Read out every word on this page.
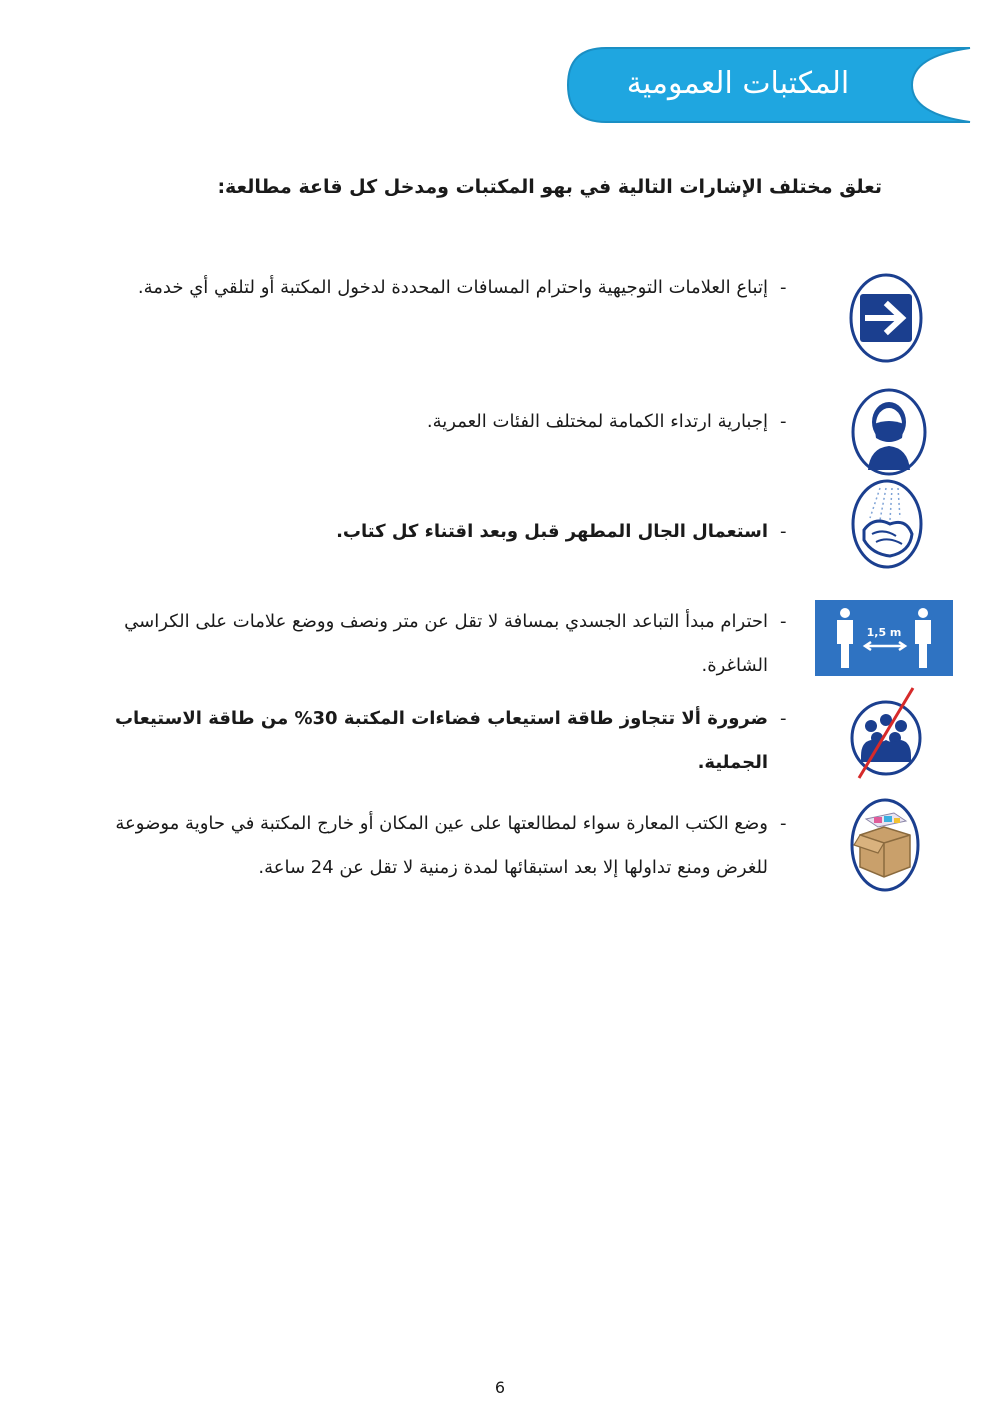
المكتبات العمومية
تعلق مختلف الإشارات التالية في بهو المكتبات ومدخل كل قاعة مطالعة:
-
إتباع العلامات التوجيهية واحترام المسافات المحددة لدخول المكتبة أو لتلقي أي خدمة.
-
إجبارية ارتداء الكمامة لمختلف الفئات العمرية.
-
استعمال الجال المطهر قبل وبعد اقتناء كل كتاب.
-
احترام مبدأ التباعد الجسدي بمسافة لا تقل عن متر ونصف ووضع علامات على الكراسي الشاغرة.
1,5 m
-
ضرورة ألا تتجاوز طاقة استيعاب فضاءات المكتبة 30% من طاقة الاستيعاب الجملية.
-
وضع الكتب المعارة سواء لمطالعتها على عين المكان أو خارج المكتبة في حاوية موضوعة للغرض ومنع تداولها إلا بعد استبقائها لمدة زمنية لا تقل عن 24 ساعة.
6
